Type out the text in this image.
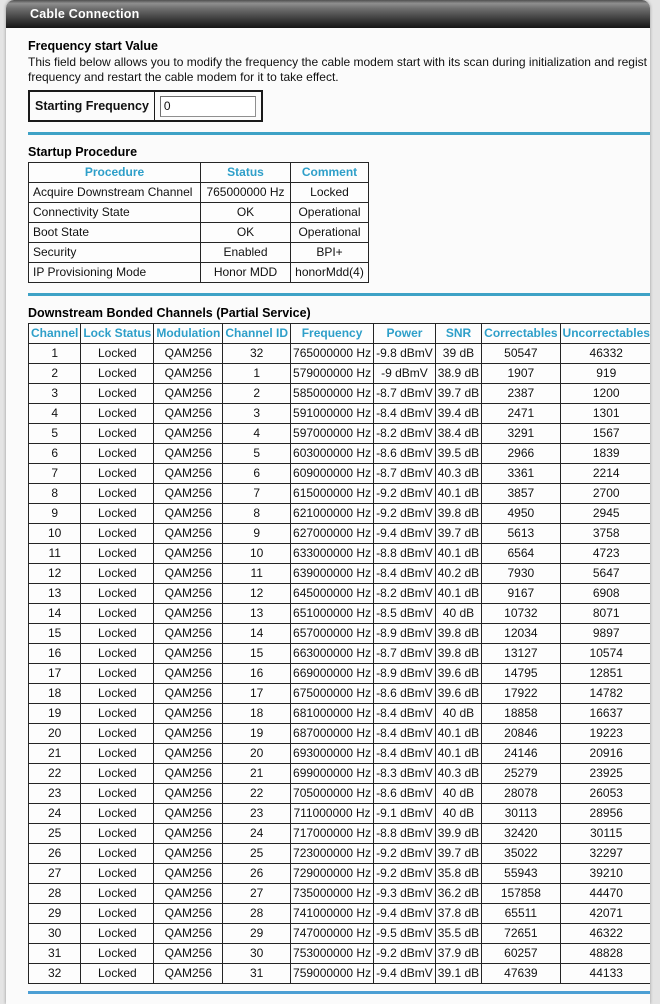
Cable Connection
Frequency start Value
This field below allows you to modify the frequency the cable modem start with its scan during initialization and regist
frequency and restart the cable modem for it to take effect.
Starting Frequency	0
Startup Procedure
Procedure	Status	Comment
Acquire Downstream Channel	765000000 Hz	Locked
Connectivity State	OK	Operational
Boot State	OK	Operational
Security	Enabled	BPI+
IP Provisioning Mode	Honor MDD	honorMdd(4)
Downstream Bonded Channels (Partial Service)
Channel	Lock Status	Modulation	Channel ID	Frequency	Power	SNR	Correctables	Uncorrectables
1	Locked	QAM256	32	765000000 Hz	-9.8 dBmV	39 dB	50547	46332
2	Locked	QAM256	1	579000000 Hz	-9 dBmV	38.9 dB	1907	919
3	Locked	QAM256	2	585000000 Hz	-8.7 dBmV	39.7 dB	2387	1200
4	Locked	QAM256	3	591000000 Hz	-8.4 dBmV	39.4 dB	2471	1301
5	Locked	QAM256	4	597000000 Hz	-8.2 dBmV	38.4 dB	3291	1567
6	Locked	QAM256	5	603000000 Hz	-8.6 dBmV	39.5 dB	2966	1839
7	Locked	QAM256	6	609000000 Hz	-8.7 dBmV	40.3 dB	3361	2214
8	Locked	QAM256	7	615000000 Hz	-9.2 dBmV	40.1 dB	3857	2700
9	Locked	QAM256	8	621000000 Hz	-9.2 dBmV	39.8 dB	4950	2945
10	Locked	QAM256	9	627000000 Hz	-9.4 dBmV	39.7 dB	5613	3758
11	Locked	QAM256	10	633000000 Hz	-8.8 dBmV	40.1 dB	6564	4723
12	Locked	QAM256	11	639000000 Hz	-8.4 dBmV	40.2 dB	7930	5647
13	Locked	QAM256	12	645000000 Hz	-8.2 dBmV	40.1 dB	9167	6908
14	Locked	QAM256	13	651000000 Hz	-8.5 dBmV	40 dB	10732	8071
15	Locked	QAM256	14	657000000 Hz	-8.9 dBmV	39.8 dB	12034	9897
16	Locked	QAM256	15	663000000 Hz	-8.7 dBmV	39.8 dB	13127	10574
17	Locked	QAM256	16	669000000 Hz	-8.9 dBmV	39.6 dB	14795	12851
18	Locked	QAM256	17	675000000 Hz	-8.6 dBmV	39.6 dB	17922	14782
19	Locked	QAM256	18	681000000 Hz	-8.4 dBmV	40 dB	18858	16637
20	Locked	QAM256	19	687000000 Hz	-8.4 dBmV	40.1 dB	20846	19223
21	Locked	QAM256	20	693000000 Hz	-8.4 dBmV	40.1 dB	24146	20916
22	Locked	QAM256	21	699000000 Hz	-8.3 dBmV	40.3 dB	25279	23925
23	Locked	QAM256	22	705000000 Hz	-8.6 dBmV	40 dB	28078	26053
24	Locked	QAM256	23	711000000 Hz	-9.1 dBmV	40 dB	30113	28956
25	Locked	QAM256	24	717000000 Hz	-8.8 dBmV	39.9 dB	32420	30115
26	Locked	QAM256	25	723000000 Hz	-9.2 dBmV	39.7 dB	35022	32297
27	Locked	QAM256	26	729000000 Hz	-9.2 dBmV	35.8 dB	55943	39210
28	Locked	QAM256	27	735000000 Hz	-9.3 dBmV	36.2 dB	157858	44470
29	Locked	QAM256	28	741000000 Hz	-9.4 dBmV	37.8 dB	65511	42071
30	Locked	QAM256	29	747000000 Hz	-9.5 dBmV	35.5 dB	72651	46322
31	Locked	QAM256	30	753000000 Hz	-9.2 dBmV	37.9 dB	60257	48828
32	Locked	QAM256	31	759000000 Hz	-9.4 dBmV	39.1 dB	47639	44133
